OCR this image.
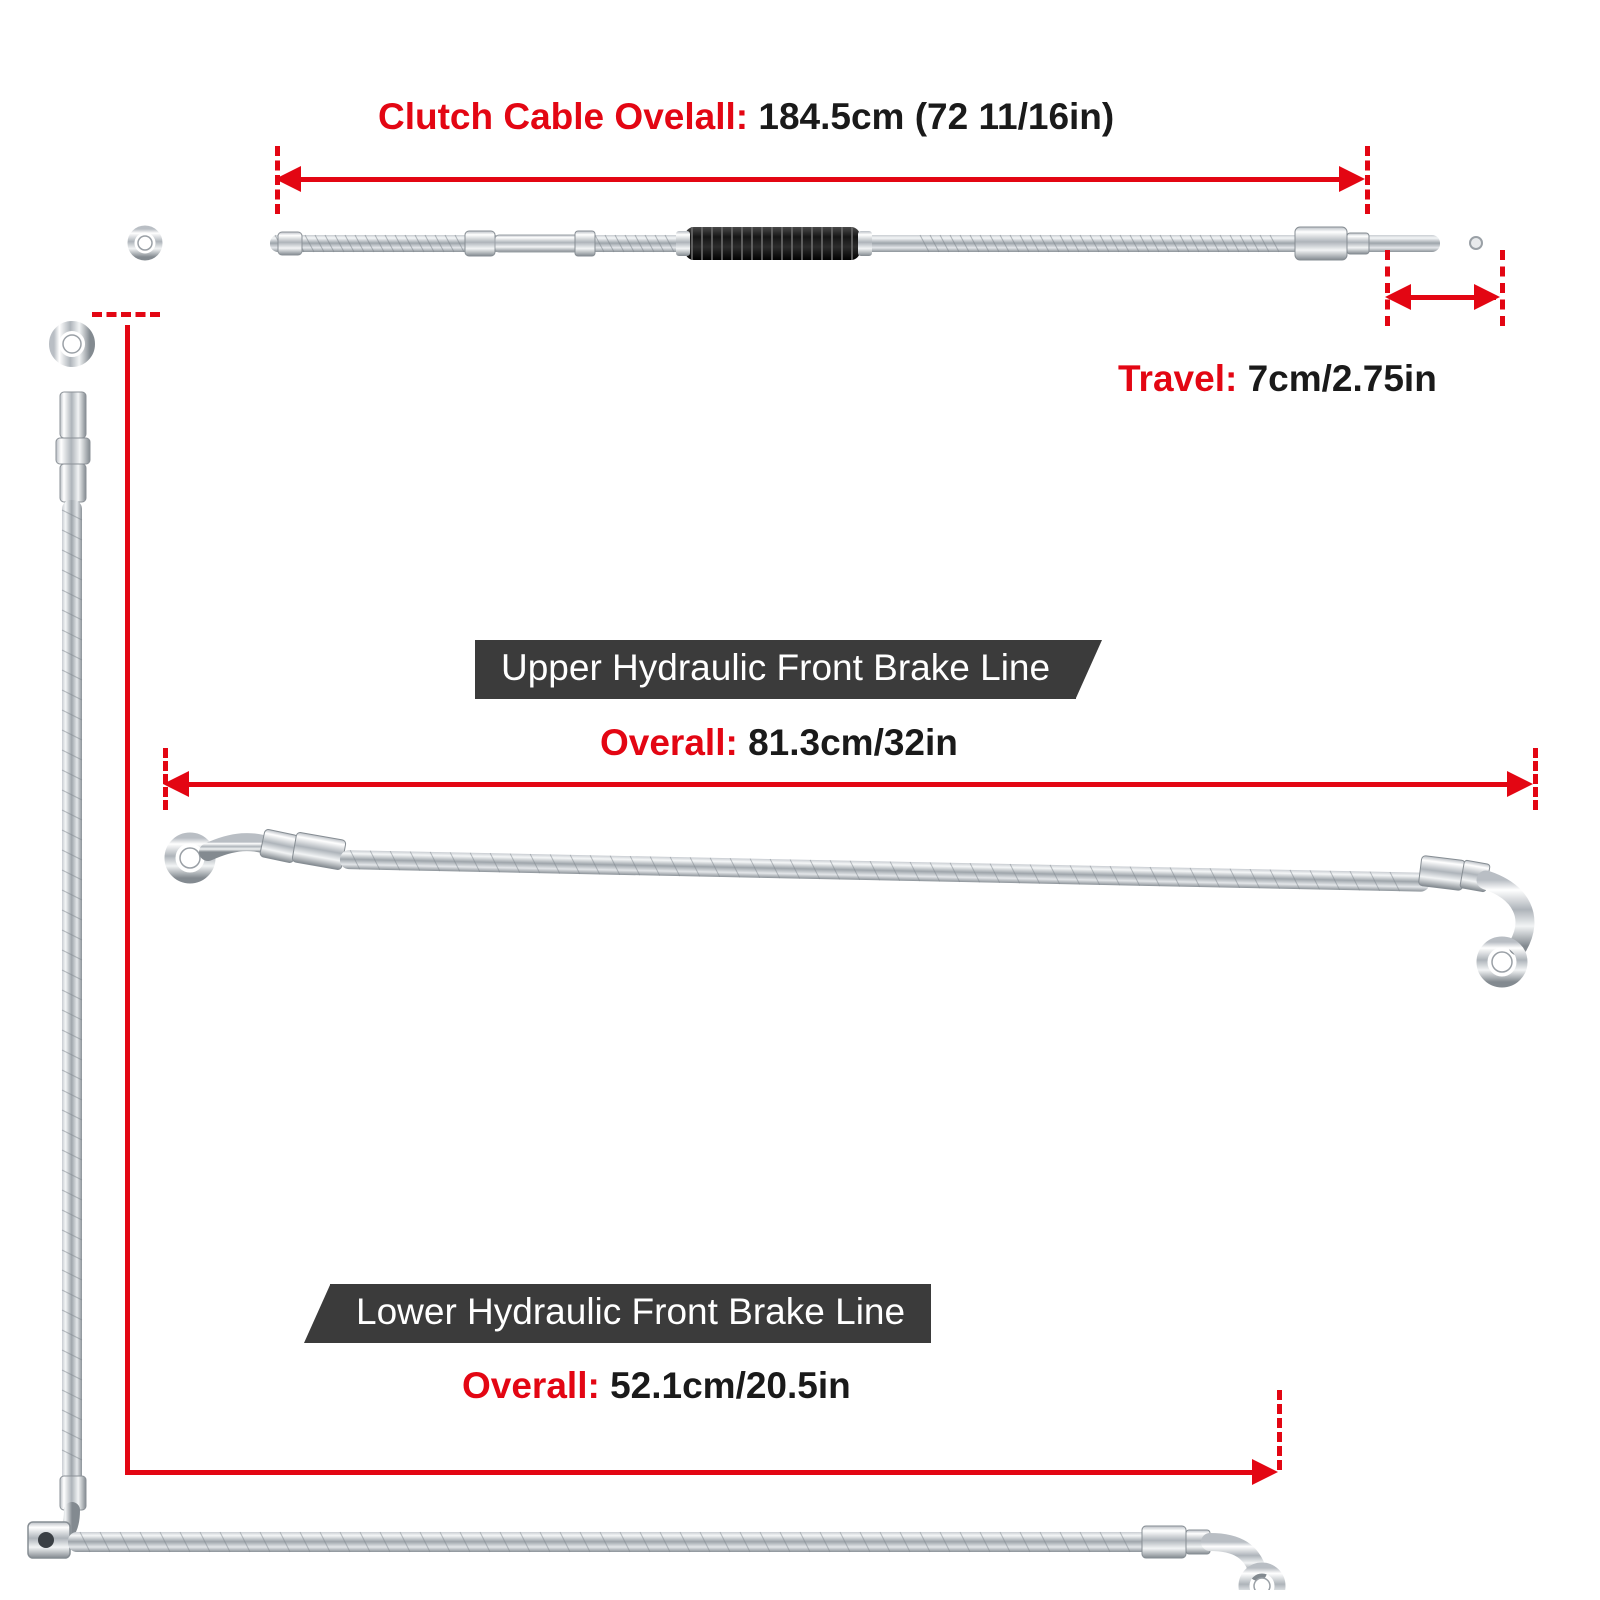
Clutch Cable Ovelall: 184.5cm (72 11/16in)
Travel: 7cm/2.75in
Upper Hydraulic Front Brake Line
Overall: 81.3cm/32in
Lower Hydraulic Front Brake Line
Overall: 52.1cm/20.5in
